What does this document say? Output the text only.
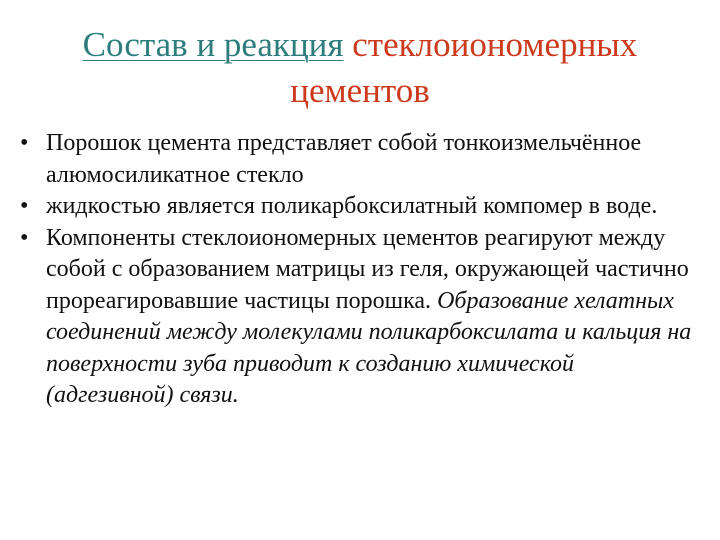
Состав и реакция стеклоиономерных
цементов
• Порошок цемента представляет собой тонкоизмельчённое алюмосиликатное стекло
• жидкостью является поликарбоксилатный компомер в воде.
• Компоненты стеклоиономерных цементов реагируют между собой с образованием матрицы из геля, окружающей частично прореагировавшие частицы порошка. Образование хелатных соединений между молекулами поликарбоксилата и кальция на поверхности зуба приводит к созданию химической (адгезивной) связи.
